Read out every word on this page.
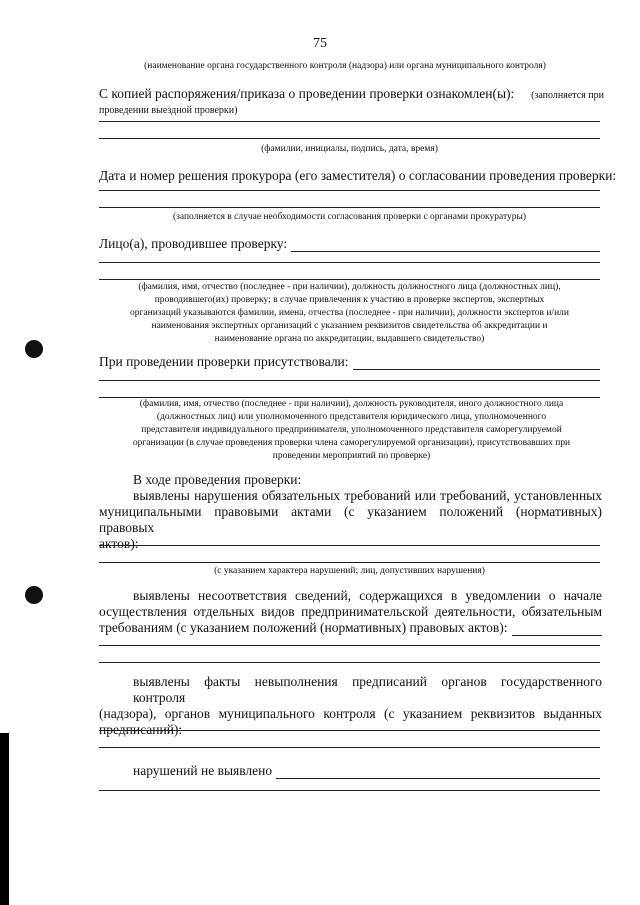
75
(наименование органа государственного контроля (надзора) или органа муниципального контроля)
С копией распоряжения/приказа о проведении проверки ознакомлен(ы): (заполняется при
проведении выездной проверки)
(фамилии, инициалы, подпись, дата, время)
Дата и номер решения прокурора (его заместителя) о согласовании проведения проверки:
(заполняется в случае необходимости согласования проверки с органами прокуратуры)
Лицо(а), проводившее проверку:
(фамилия, имя, отчество (последнее - при наличии), должность должностного лица (должностных лиц),
проводившего(их) проверку; в случае привлечения к участию в проверке экспертов, экспертных
организаций указываются фамилии, имена, отчества (последнее - при наличии), должности экспертов и/или
наименования экспертных организаций с указанием реквизитов свидетельства об аккредитации и
наименование органа по аккредитации, выдавшего свидетельство)
При проведении проверки присутствовали:
(фамилия, имя, отчество (последнее - при наличии), должность руководителя, иного должностного лица
(должностных лиц) или уполномоченного представителя юридического лица, уполномоченного
представителя индивидуального предпринимателя, уполномоченного представителя саморегулируемой
организации (в случае проведения проверки члена саморегулируемой организации), присутствовавших при
проведении мероприятий по проверке)
В ходе проведения проверки:
выявлены нарушения обязательных требований или требований, установленных
муниципальными правовыми актами (с указанием положений (нормативных) правовых
актов):
(с указанием характера нарушений; лиц, допустивших нарушения)
выявлены несоответствия сведений, содержащихся в уведомлении о начале
осуществления отдельных видов предпринимательской деятельности, обязательным
требованиям (с указанием положений (нормативных) правовых актов):
выявлены факты невыполнения предписаний органов государственного контроля
(надзора), органов муниципального контроля (с указанием реквизитов выданных
предписаний):
нарушений не выявлено
